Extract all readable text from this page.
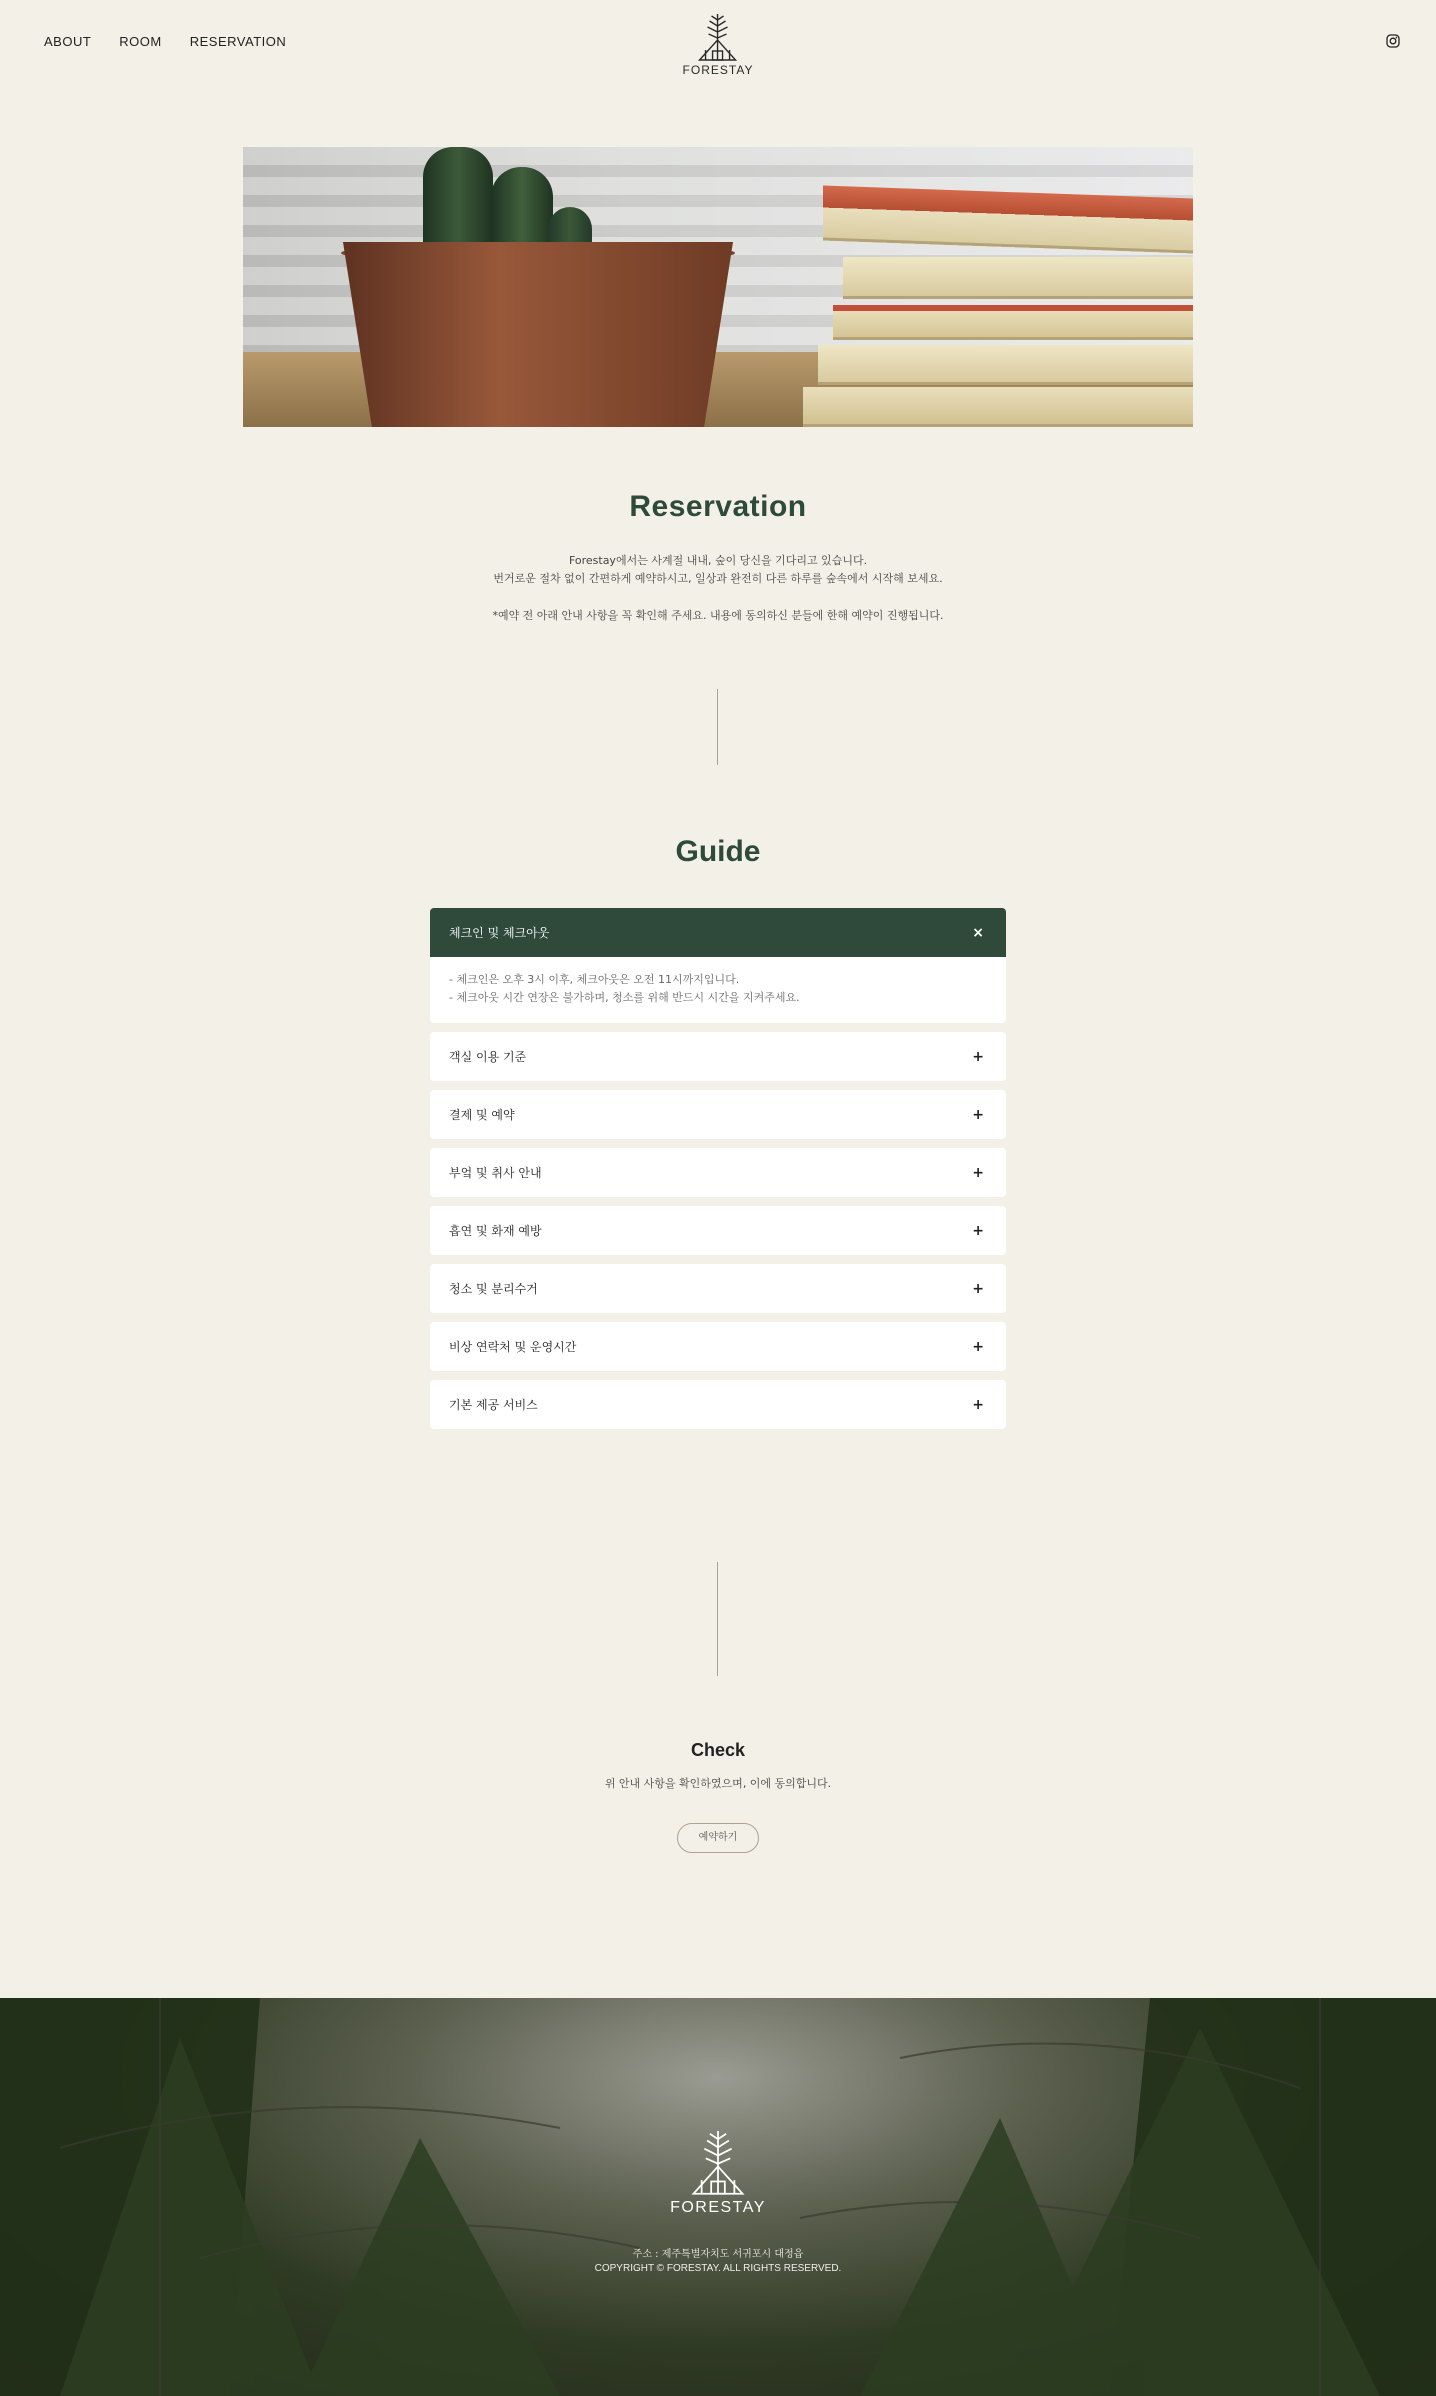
ABOUT ROOM RESERVATION
FORESTAY
Reservation
Forestay에서는 사계절 내내, 숲이 당신을 기다리고 있습니다.
번거로운 절차 없이 간편하게 예약하시고, 일상과 완전히 다른 하루를 숲속에서 시작해 보세요.
*예약 전 아래 안내 사항을 꼭 확인해 주세요. 내용에 동의하신 분들에 한해 예약이 진행됩니다.
Guide
체크인 및 체크아웃	×
- 체크인은 오후 3시 이후, 체크아웃은 오전 11시까지입니다.
- 체크아웃 시간 연장은 불가하며, 청소를 위해 반드시 시간을 지켜주세요.
객실 이용 기준	+
결제 및 예약	+
부엌 및 취사 안내	+
흡연 및 화재 예방	+
청소 및 분리수거	+
비상 연락처 및 운영시간	+
기본 제공 서비스	+
Check
위 안내 사항을 확인하였으며, 이에 동의합니다.
예약하기
FORESTAY
주소 : 제주특별자치도 서귀포시 대정읍
COPYRIGHT © FORESTAY. ALL RIGHTS RESERVED.
